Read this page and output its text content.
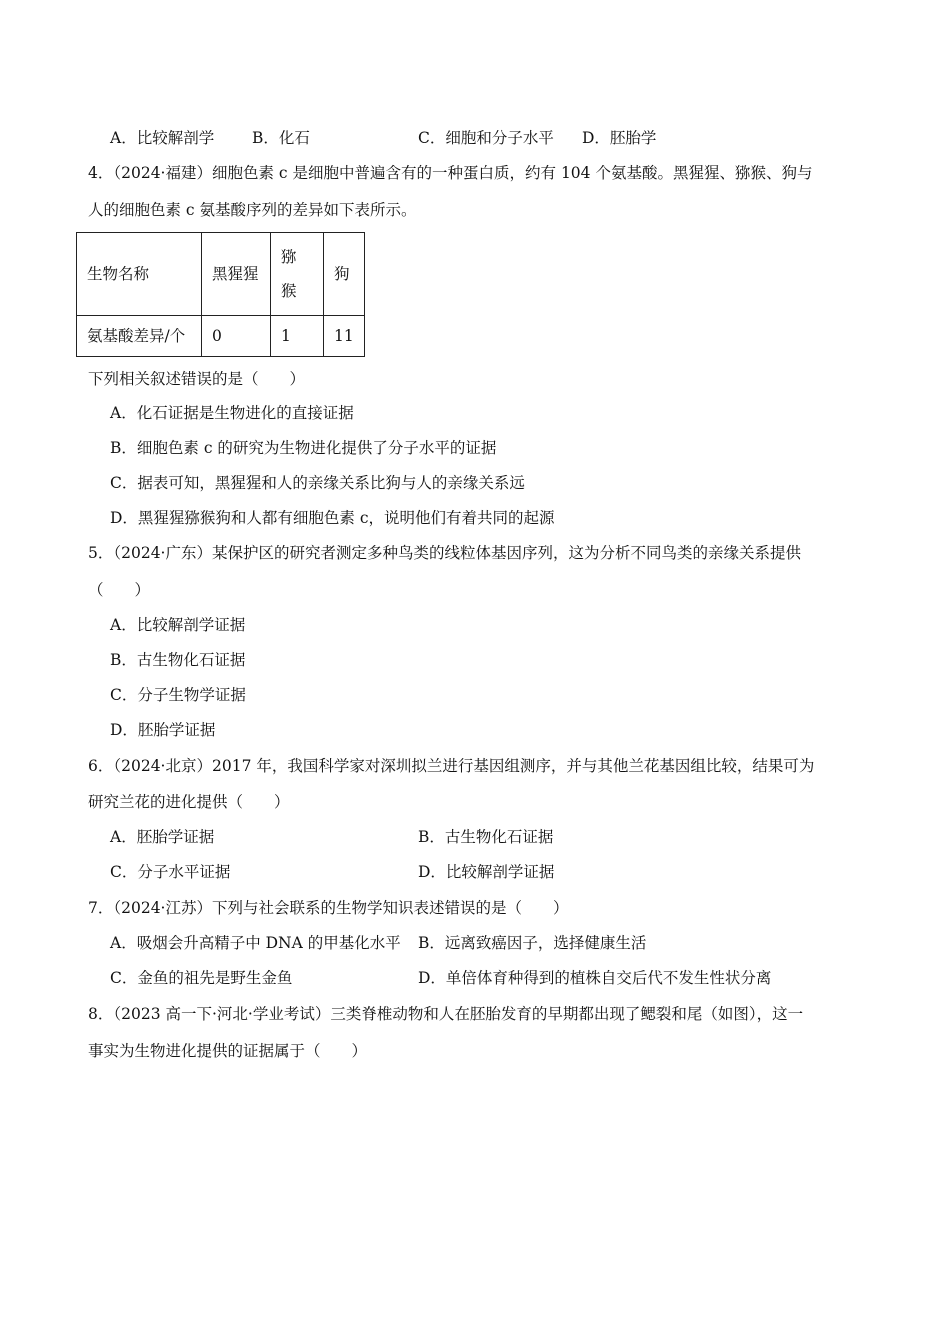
A．比较解剖学 B．化石	C．细胞和分子水平 D．胚胎学
4．（2024·福建）细胞色素 c 是细胞中普遍含有的一种蛋白质，约有 104 个氨基酸。黑猩猩、猕猴、狗与
人的细胞色素 c 氨基酸序列的差异如下表所示。
生物名称	黑猩猩	猕猴	狗
氨基酸差异/个	0	1	11
下列相关叙述错误的是（　　）
A．化石证据是生物进化的直接证据
B．细胞色素 c 的研究为生物进化提供了分子水平的证据
C．据表可知，黑猩猩和人的亲缘关系比狗与人的亲缘关系远
D．黑猩猩猕猴狗和人都有细胞色素 c，说明他们有着共同的起源
5．（2024·广东）某保护区的研究者测定多种鸟类的线粒体基因序列，这为分析不同鸟类的亲缘关系提供
（　　）
A．比较解剖学证据
B．古生物化石证据
C．分子生物学证据
D．胚胎学证据
6．（2024·北京）2017 年，我国科学家对深圳拟兰进行基因组测序，并与其他兰花基因组比较，结果可为
研究兰花的进化提供（　　）
A．胚胎学证据	B．古生物化石证据
C．分子水平证据	D．比较解剖学证据
7．（2024·江苏）下列与社会联系的生物学知识表述错误的是（　　）
A．吸烟会升高精子中 DNA 的甲基化水平 B．远离致癌因子，选择健康生活
C．金鱼的祖先是野生金鱼	D．单倍体育种得到的植株自交后代不发生性状分离
8．（2023 高一下·河北·学业考试）三类脊椎动物和人在胚胎发育的早期都出现了鳃裂和尾（如图），这一
事实为生物进化提供的证据属于（　　）
